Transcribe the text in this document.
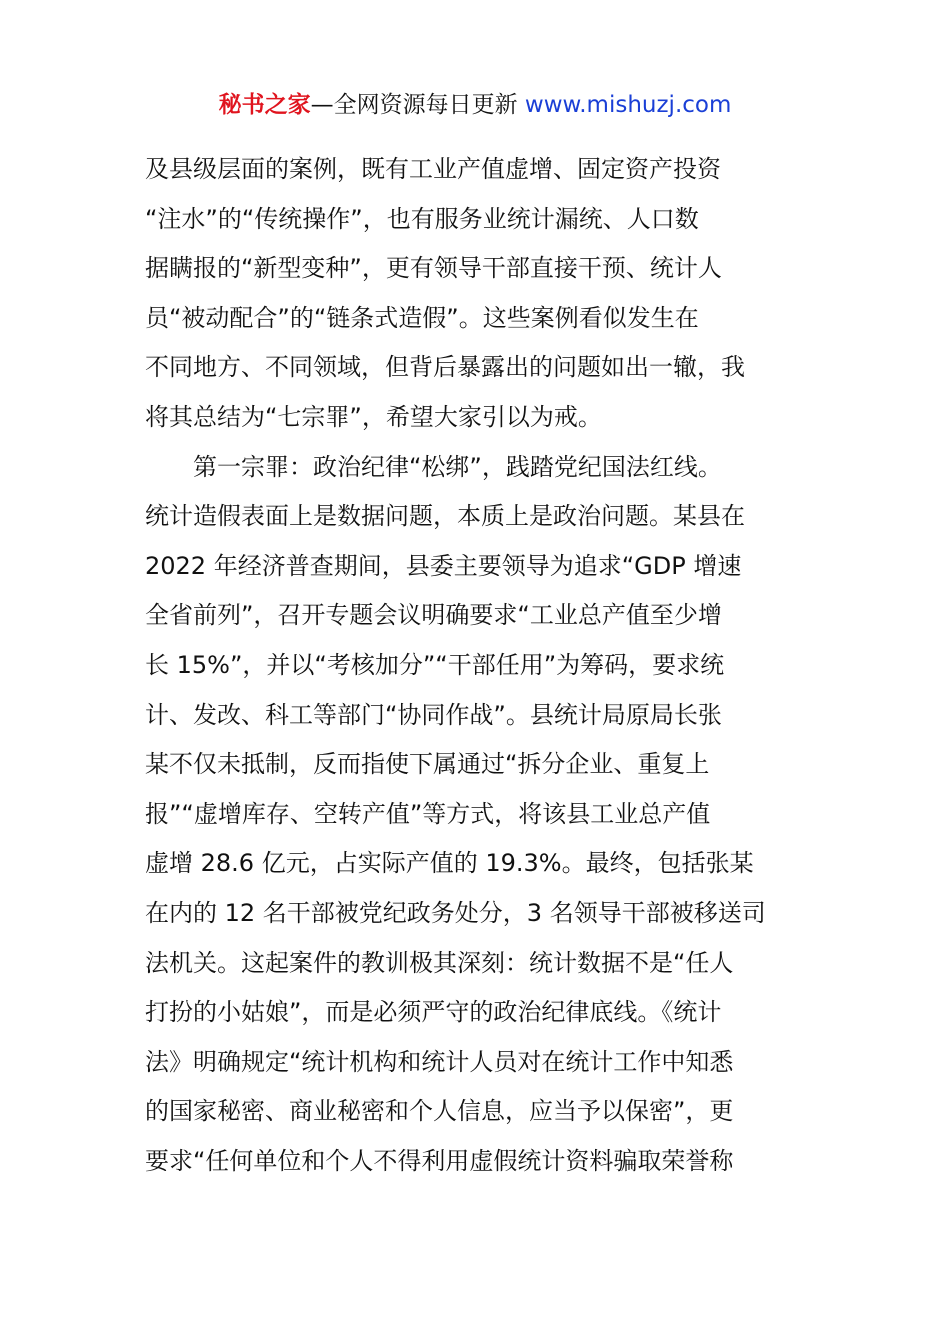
秘书之家—全网资源每日更新 www.mishuzj.com
及县级层面的案例，既有工业产值虚增、固定资产投资
“注水”的“传统操作”，也有服务业统计漏统、人口数
据瞒报的“新型变种”，更有领导干部直接干预、统计人
员“被动配合”的“链条式造假”。这些案例看似发生在
不同地方、不同领域，但背后暴露出的问题如出一辙，我
将其总结为“七宗罪”，希望大家引以为戒。
第一宗罪：政治纪律“松绑”，践踏党纪国法红线。
统计造假表面上是数据问题，本质上是政治问题。某县在
2022 年经济普查期间，县委主要领导为追求“GDP 增速
全省前列”，召开专题会议明确要求“工业总产值至少增
长 15%”，并以“考核加分”“干部任用”为筹码，要求统
计、发改、科工等部门“协同作战”。县统计局原局长张
某不仅未抵制，反而指使下属通过“拆分企业、重复上
报”“虚增库存、空转产值”等方式，将该县工业总产值
虚增 28.6 亿元，占实际产值的 19.3%。最终，包括张某
在内的 12 名干部被党纪政务处分，3 名领导干部被移送司
法机关。这起案件的教训极其深刻：统计数据不是“任人
打扮的小姑娘”，而是必须严守的政治纪律底线。《统计
法》明确规定“统计机构和统计人员对在统计工作中知悉
的国家秘密、商业秘密和个人信息，应当予以保密”，更
要求“任何单位和个人不得利用虚假统计资料骗取荣誉称
